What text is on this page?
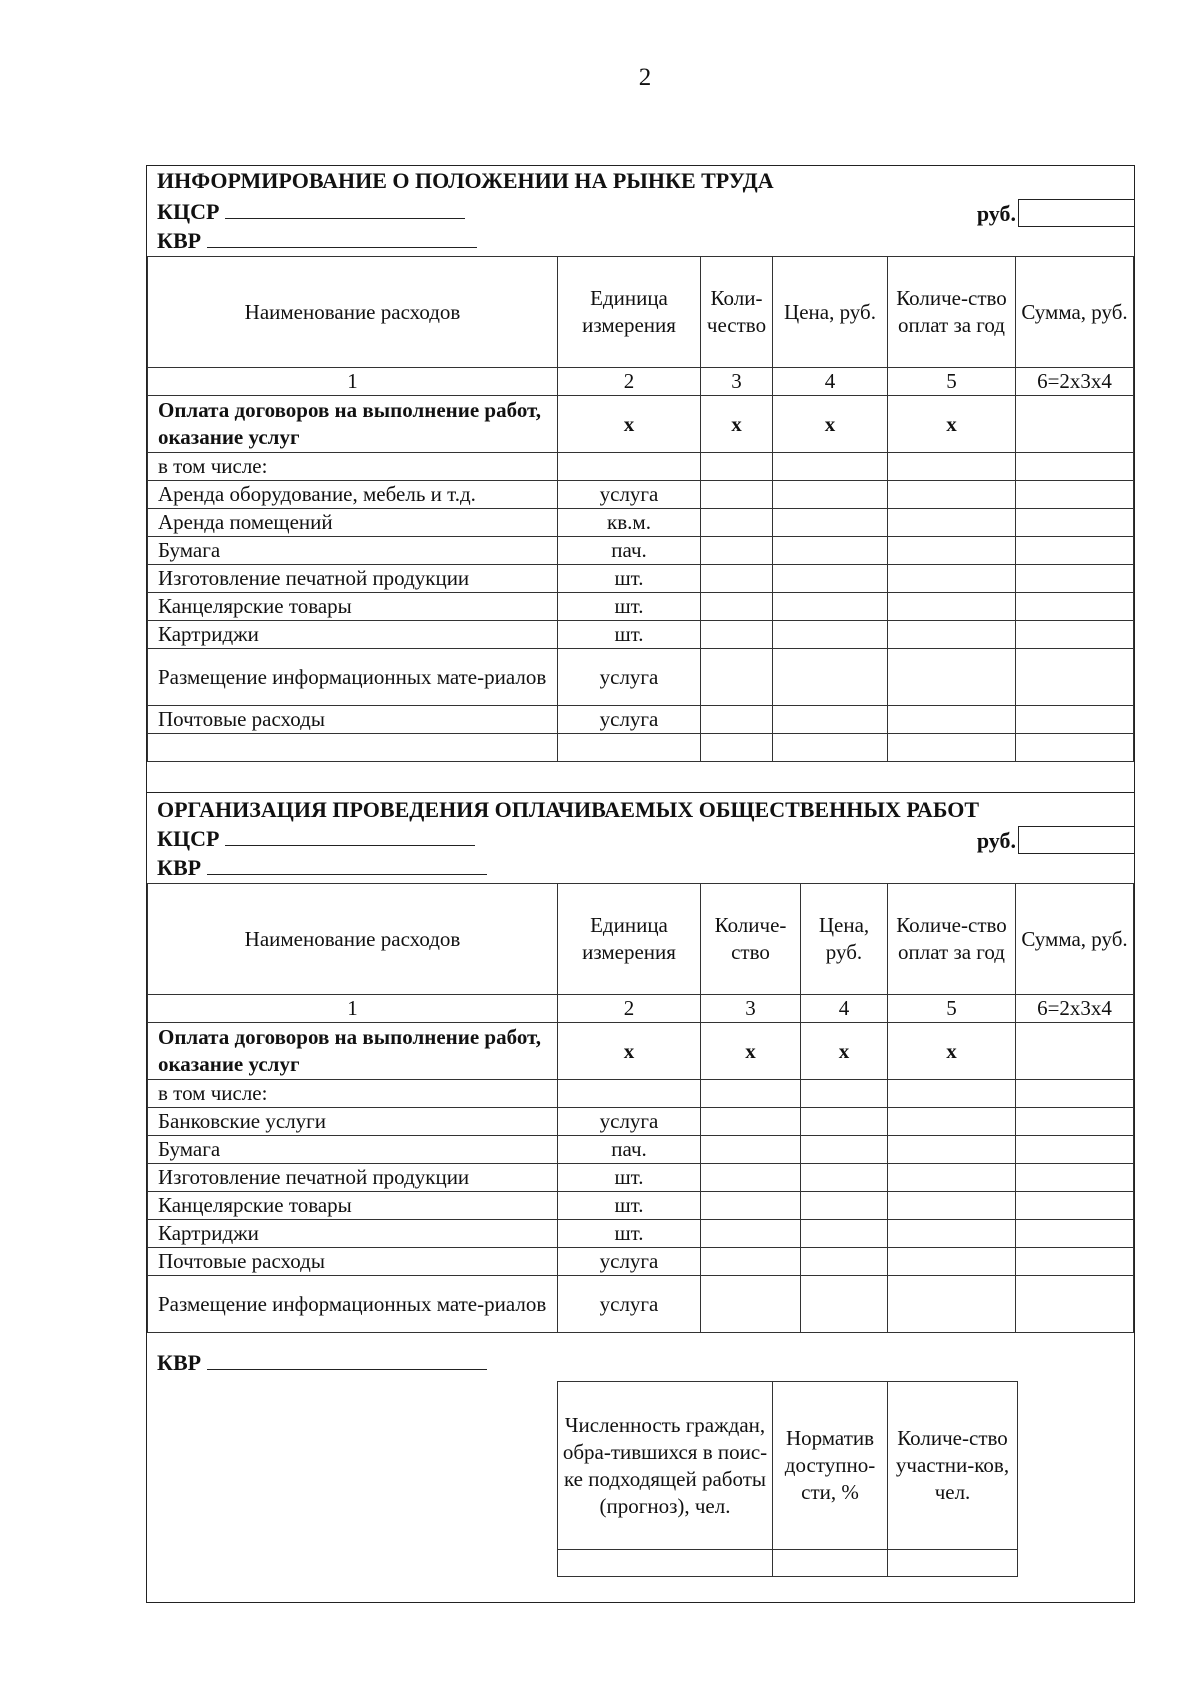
2
ИНФОРМИРОВАНИЕ О ПОЛОЖЕНИИ НА РЫНКЕ ТРУДА
КЦСР	руб.
КВР
Наименование расходов	Единица измерения	Коли-чество	Цена, руб.	Количе-ство оплат за год	Сумма, руб.
1	2	3	4	5	6=2х3х4
Оплата договоров на выполнение работ, оказание услуг	х	х	х	х	
в том числе:					
Аренда оборудование, мебель и т.д.	услуга				
Аренда помещений	кв.м.				
Бумага	пач.				
Изготовление печатной продукции	шт.				
Канцелярские товары	шт.				
Картриджи	шт.				
Размещение информационных мате-риалов	услуга				
Почтовые расходы	услуга				

ОРГАНИЗАЦИЯ ПРОВЕДЕНИЯ ОПЛАЧИВАЕМЫХ ОБЩЕСТВЕННЫХ РАБОТ
КЦСР	руб.
КВР
Наименование расходов	Единица измерения	Количе-ство	Цена, руб.	Количе-ство оплат за год	Сумма, руб.
1	2	3	4	5	6=2х3х4
Оплата договоров на выполнение работ, оказание услуг	х	х	х	х	
в том числе:					
Банковские услуги	услуга				
Бумага	пач.				
Изготовление печатной продукции	шт.				
Канцелярские товары	шт.				
Картриджи	шт.				
Почтовые расходы	услуга				
Размещение информационных мате-риалов	услуга				
КВР
Численность граждан, обра-тившихся в поис-ке подходящей работы (прогноз), чел.	Норматив доступно-сти, %	Количе-ство участни-ков, чел.
